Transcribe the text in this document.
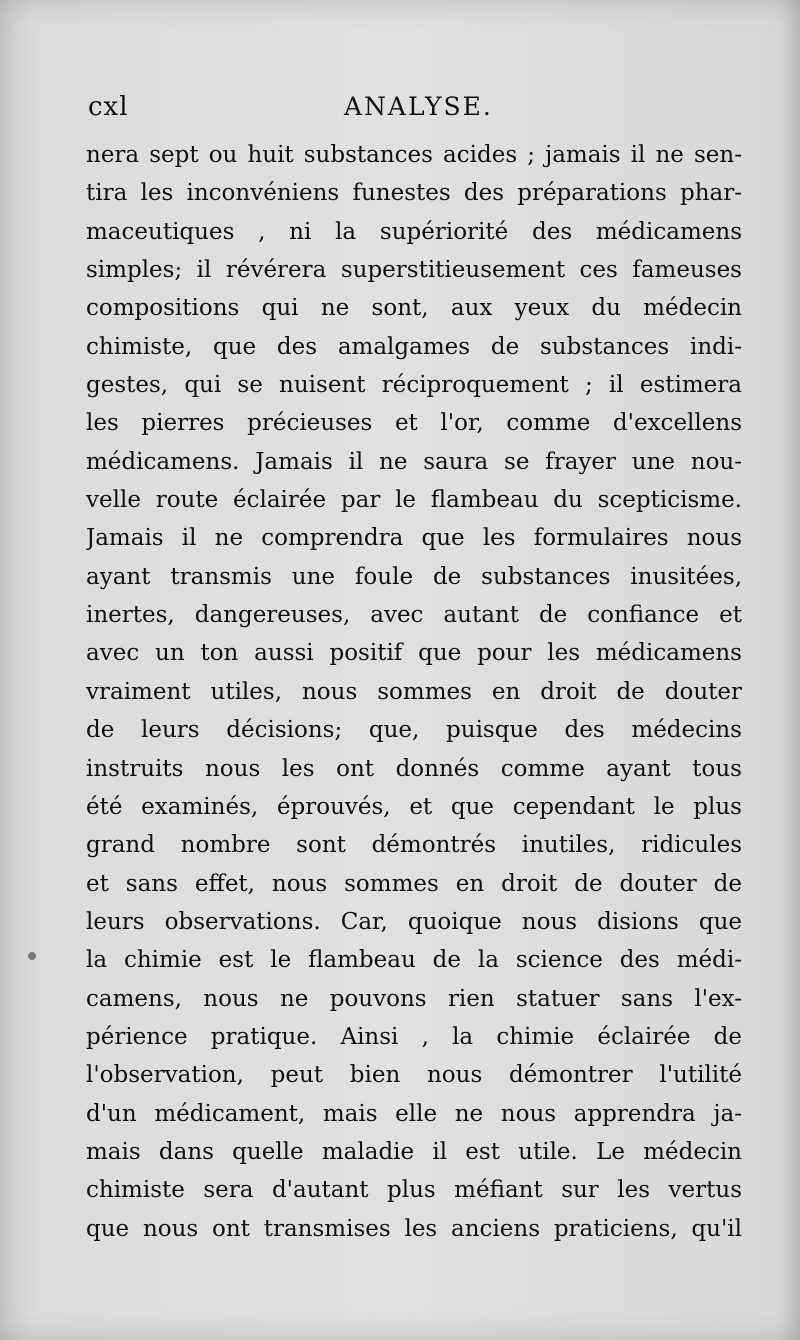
cxl	ANALYSE.
nera sept ou huit substances acides ; jamais il ne sen-
tira les inconvéniens funestes des préparations phar-
maceutiques , ni la supériorité des médicamens
simples; il révérera superstitieusement ces fameuses
compositions qui ne sont, aux yeux du médecin
chimiste, que des amalgames de substances indi-
gestes, qui se nuisent réciproquement ; il estimera
les pierres précieuses et l'or, comme d'excellens
médicamens. Jamais il ne saura se frayer une nou-
velle route éclairée par le flambeau du scepticisme.
Jamais il ne comprendra que les formulaires nous
ayant transmis une foule de substances inusitées,
inertes, dangereuses, avec autant de confiance et
avec un ton aussi positif que pour les médicamens
vraiment utiles, nous sommes en droit de douter
de leurs décisions; que, puisque des médecins
instruits nous les ont donnés comme ayant tous
été examinés, éprouvés, et que cependant le plus
grand nombre sont démontrés inutiles, ridicules
et sans effet, nous sommes en droit de douter de
leurs observations. Car, quoique nous disions que
la chimie est le flambeau de la science des médi-
camens, nous ne pouvons rien statuer sans l'ex-
périence pratique. Ainsi , la chimie éclairée de
l'observation, peut bien nous démontrer l'utilité
d'un médicament, mais elle ne nous apprendra ja-
mais dans quelle maladie il est utile. Le médecin
chimiste sera d'autant plus méfiant sur les vertus
que nous ont transmises les anciens praticiens, qu'il
